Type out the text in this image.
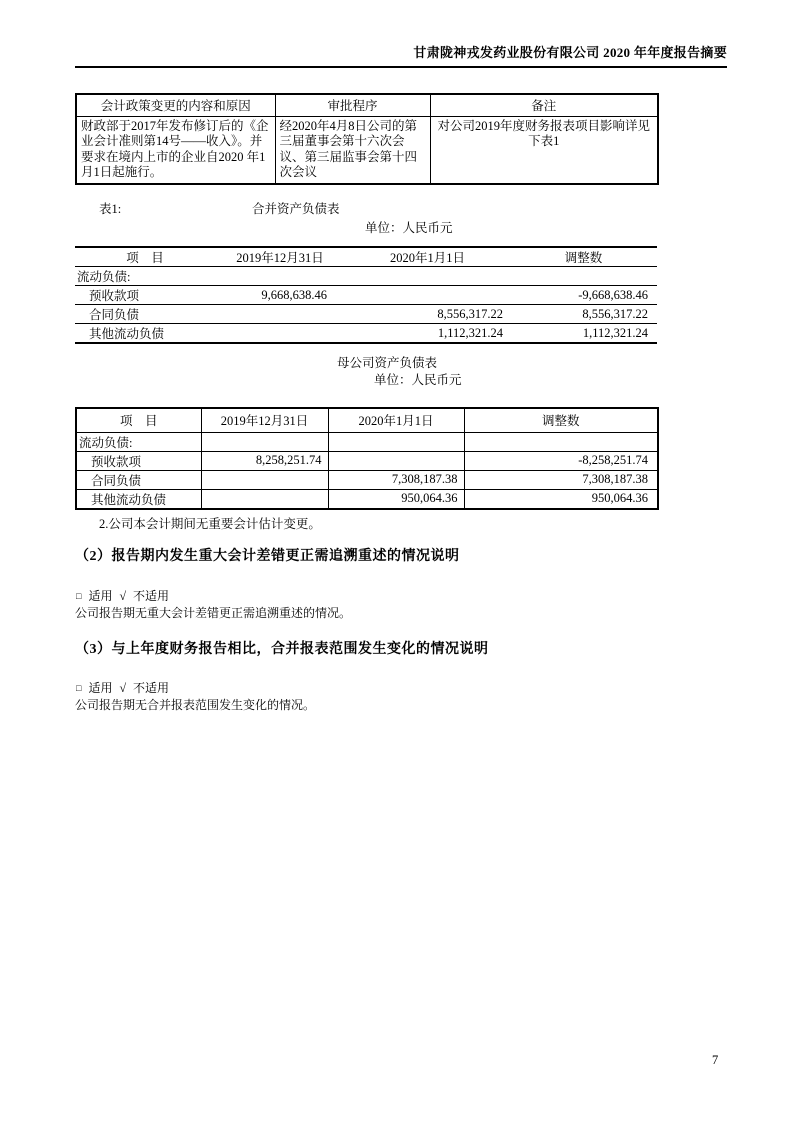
甘肃陇神戎发药业股份有限公司 2020 年年度报告摘要
会计政策变更的内容和原因	审批程序	备注
财政部于2017年发布修订后的《企业会计准则第14号——收入》。并要求在境内上市的企业自2020 年1月1日起施行。	经2020年4月8日公司的第三届董事会第十六次会议、第三届监事会第十四次会议	对公司2019年度财务报表项目影响详见下表1
表1:	合并资产负债表
单位：人民币元
项　目	2019年12月31日	2020年1月1日	调整数
流动负债:			
预收款项	9,668,638.46		-9,668,638.46
合同负债		8,556,317.22	8,556,317.22
其他流动负债		1,112,321.24	1,112,321.24
母公司资产负债表
单位：人民币元
项　目	2019年12月31日	2020年1月1日	调整数
流动负债:			
预收款项	8,258,251.74		-8,258,251.74
合同负债		7,308,187.38	7,308,187.38
其他流动负债		950,064.36	950,064.36
2.公司本会计期间无重要会计估计变更。
（2）报告期内发生重大会计差错更正需追溯重述的情况说明
□ 适用 √ 不适用
公司报告期无重大会计差错更正需追溯重述的情况。
（3）与上年度财务报告相比，合并报表范围发生变化的情况说明
□ 适用 √ 不适用
公司报告期无合并报表范围发生变化的情况。
7
